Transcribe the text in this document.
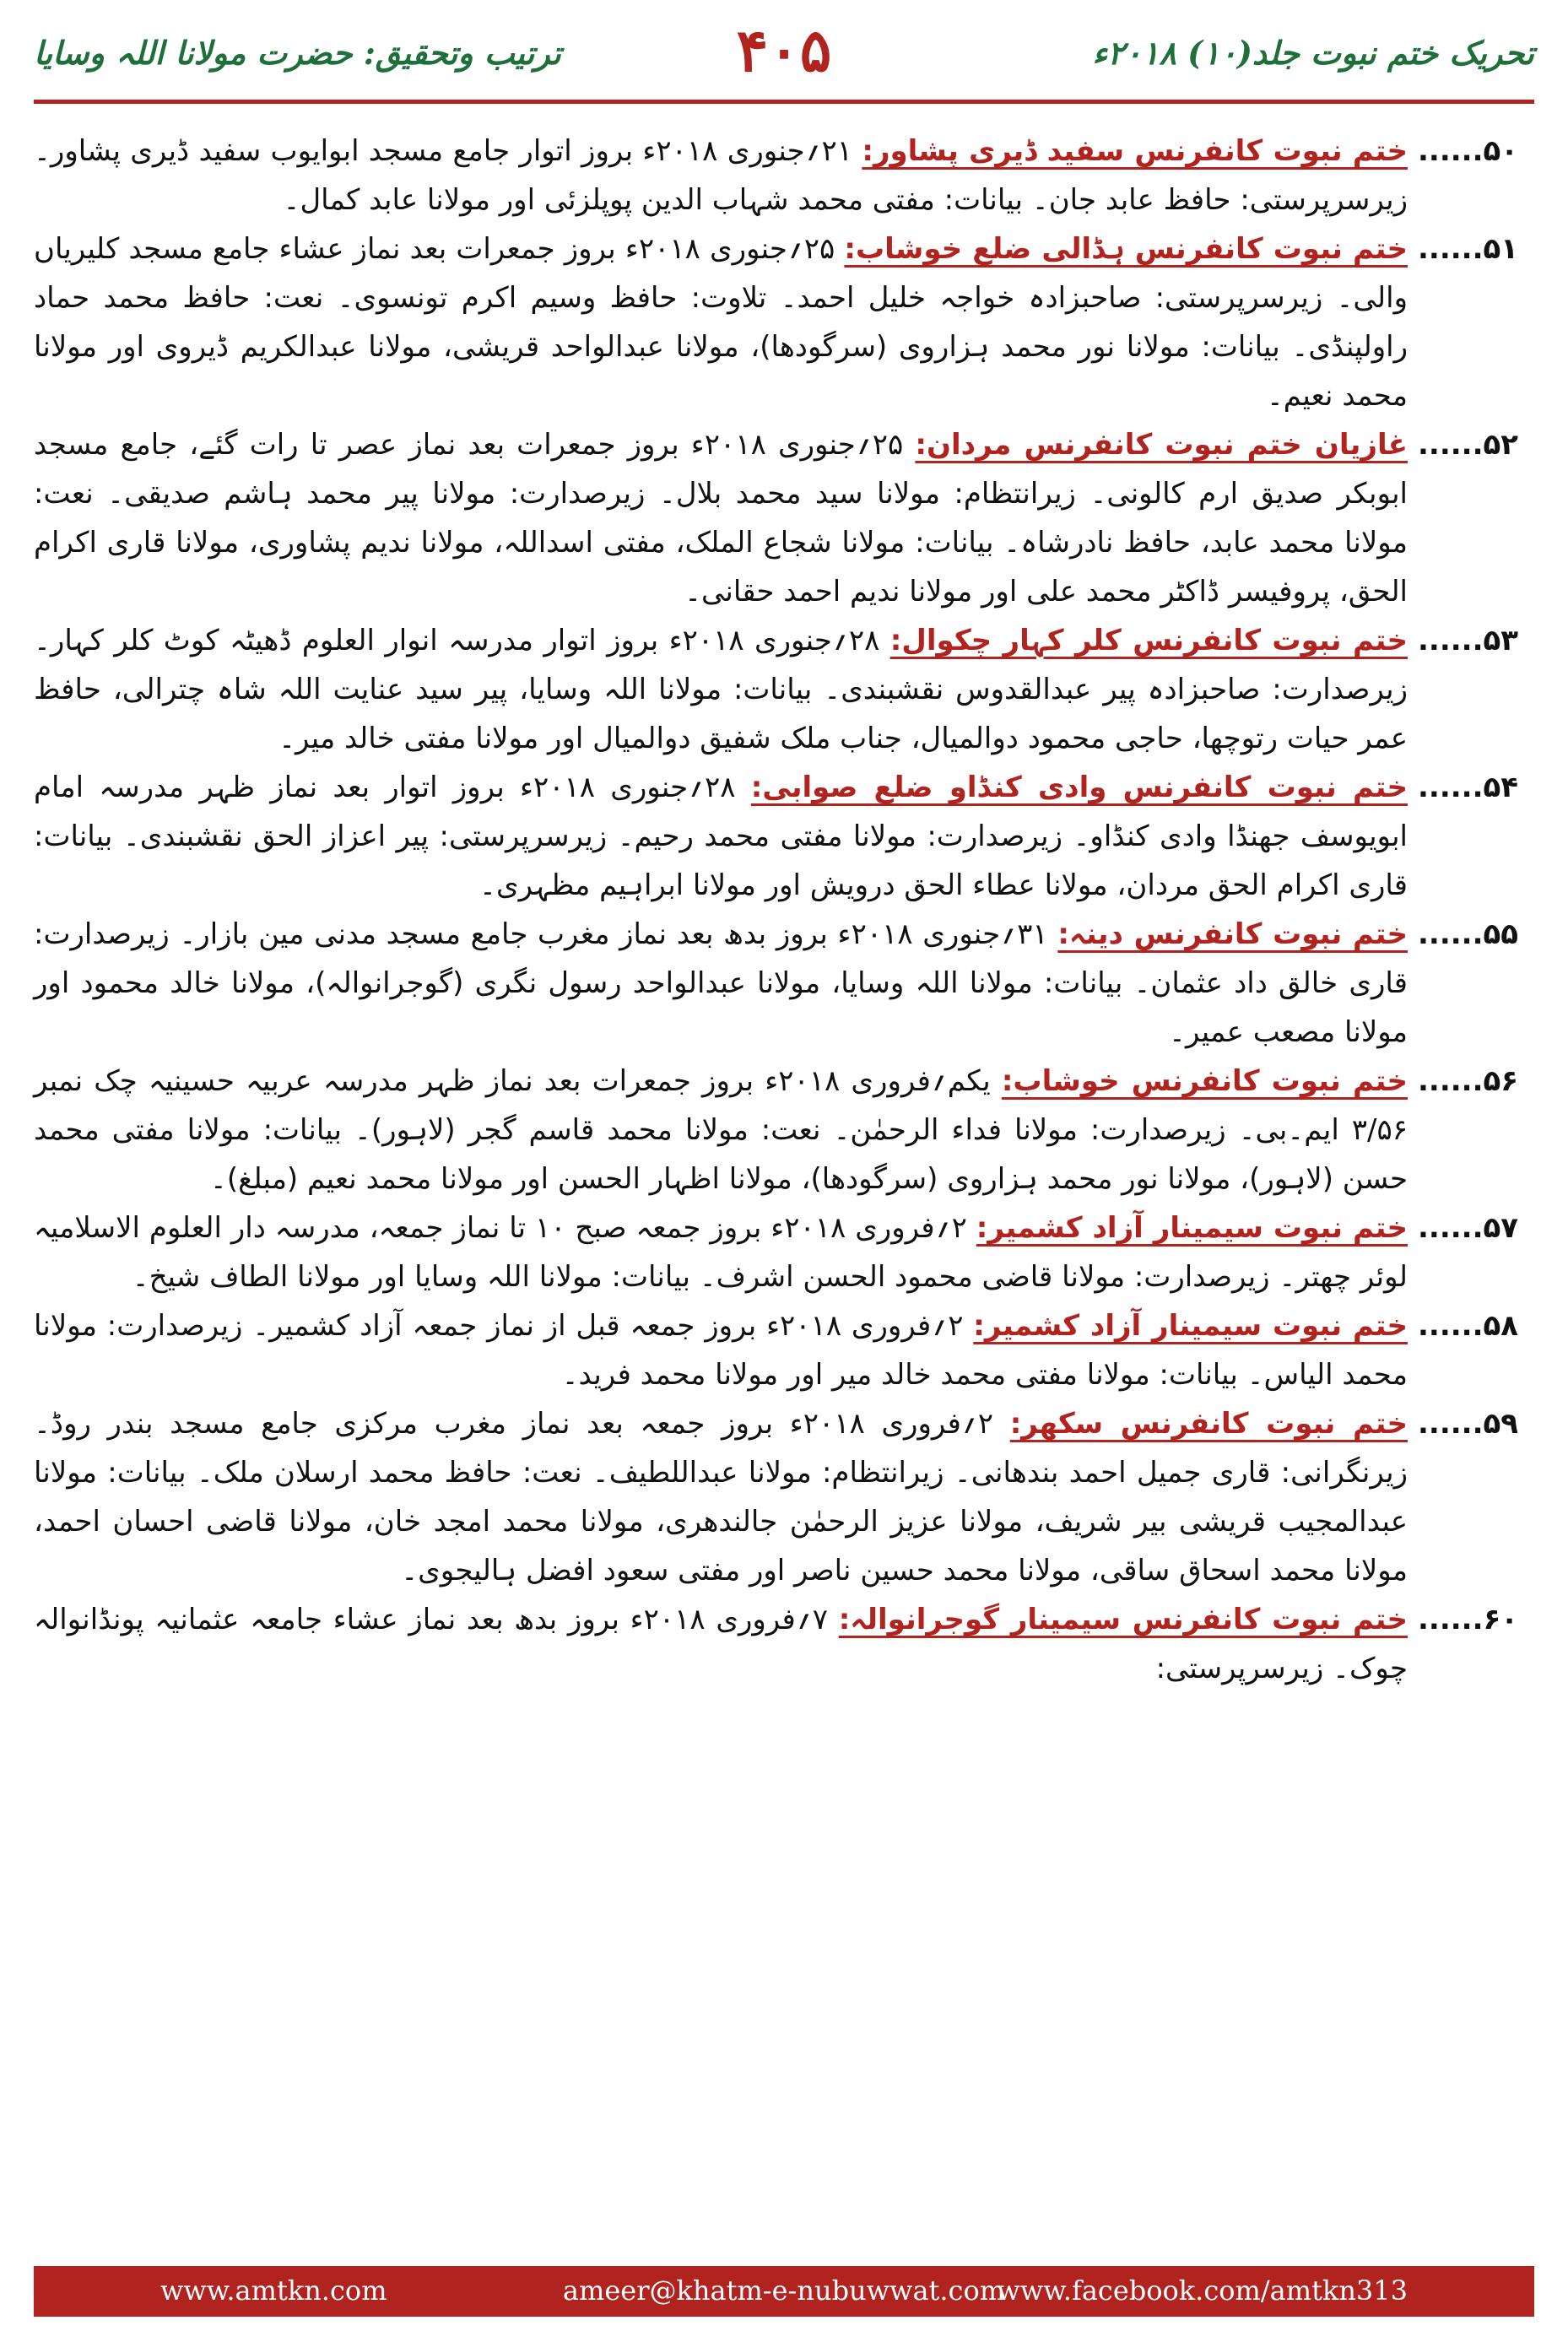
تحریک ختم نبوت جلد(۱۰) ۲۰۱۸ء
۴۰۵
ترتیب وتحقیق: حضرت مولانا اللہ وسایا
۵۰......
ختم نبوت کانفرنس سفید ڈیری پشاور: ۲۱؍جنوری ۲۰۱۸ء بروز اتوار جامع مسجد ابوایوب سفید ڈیری پشاور۔ زیرسرپرستی: حافظ عابد جان۔ بیانات: مفتی محمد شہاب الدین پوپلزئی اور مولانا عابد کمال۔
۵۱......
ختم نبوت کانفرنس ہڈالی ضلع خوشاب: ۲۵؍جنوری ۲۰۱۸ء بروز جمعرات بعد نماز عشاء جامع مسجد کلیریاں والی۔ زیرسرپرستی: صاحبزادہ خواجہ خلیل احمد۔ تلاوت: حافظ وسیم اکرم تونسوی۔ نعت: حافظ محمد حماد راولپنڈی۔ بیانات: مولانا نور محمد ہزاروی (سرگودھا)، مولانا عبدالواحد قریشی، مولانا عبدالکریم ڈیروی اور مولانا محمد نعیم۔
۵۲......
غازیان ختم نبوت کانفرنس مردان: ۲۵؍جنوری ۲۰۱۸ء بروز جمعرات بعد نماز عصر تا رات گئے، جامع مسجد ابوبکر صدیق ارم کالونی۔ زیرانتظام: مولانا سید محمد بلال۔ زیرصدارت: مولانا پیر محمد ہاشم صدیقی۔ نعت: مولانا محمد عابد، حافظ نادرشاہ۔ بیانات: مولانا شجاع الملک، مفتی اسداللہ، مولانا ندیم پشاوری، مولانا قاری اکرام الحق، پروفیسر ڈاکٹر محمد علی اور مولانا ندیم احمد حقانی۔
۵۳......
ختم نبوت کانفرنس کلر کہار چکوال: ۲۸؍جنوری ۲۰۱۸ء بروز اتوار مدرسہ انوار العلوم ڈھیٹہ کوٹ کلر کہار۔ زیرصدارت: صاحبزادہ پیر عبدالقدوس نقشبندی۔ بیانات: مولانا اللہ وسایا، پیر سید عنایت اللہ شاہ چترالی، حافظ عمر حیات رتوچھا، حاجی محمود دوالمیال، جناب ملک شفیق دوالمیال اور مولانا مفتی خالد میر۔
۵۴......
ختم نبوت کانفرنس وادی کنڈاو ضلع صوابی: ۲۸؍جنوری ۲۰۱۸ء بروز اتوار بعد نماز ظہر مدرسہ امام ابویوسف جھنڈا وادی کنڈاو۔ زیرصدارت: مولانا مفتی محمد رحیم۔ زیرسرپرستی: پیر اعزاز الحق نقشبندی۔ بیانات: قاری اکرام الحق مردان، مولانا عطاء الحق درویش اور مولانا ابراہیم مظہری۔
۵۵......
ختم نبوت کانفرنس دینہ: ۳۱؍جنوری ۲۰۱۸ء بروز بدھ بعد نماز مغرب جامع مسجد مدنی مین بازار۔ زیرصدارت: قاری خالق داد عثمان۔ بیانات: مولانا اللہ وسایا، مولانا عبدالواحد رسول نگری (گوجرانوالہ)، مولانا خالد محمود اور مولانا مصعب عمیر۔
۵۶......
ختم نبوت کانفرنس خوشاب: یکم؍فروری ۲۰۱۸ء بروز جمعرات بعد نماز ظہر مدرسہ عربیہ حسینیہ چک نمبر ۳/۵۶ ایم۔بی۔ زیرصدارت: مولانا فداء الرحمٰن۔ نعت: مولانا محمد قاسم گجر (لاہور)۔ بیانات: مولانا مفتی محمد حسن (لاہور)، مولانا نور محمد ہزاروی (سرگودھا)، مولانا اظہار الحسن اور مولانا محمد نعیم (مبلغ)۔
۵۷......
ختم نبوت سیمینار آزاد کشمیر: ۲؍فروری ۲۰۱۸ء بروز جمعہ صبح ۱۰ تا نماز جمعہ، مدرسہ دار العلوم الاسلامیہ لوئر چھتر۔ زیرصدارت: مولانا قاضی محمود الحسن اشرف۔ بیانات: مولانا اللہ وسایا اور مولانا الطاف شیخ۔
۵۸......
ختم نبوت سیمینار آزاد کشمیر: ۲؍فروری ۲۰۱۸ء بروز جمعہ قبل از نماز جمعہ آزاد کشمیر۔ زیرصدارت: مولانا محمد الیاس۔ بیانات: مولانا مفتی محمد خالد میر اور مولانا محمد فرید۔
۵۹......
ختم نبوت کانفرنس سکھر: ۲؍فروری ۲۰۱۸ء بروز جمعہ بعد نماز مغرب مرکزی جامع مسجد بندر روڈ۔ زیرنگرانی: قاری جمیل احمد بندھانی۔ زیرانتظام: مولانا عبداللطیف۔ نعت: حافظ محمد ارسلان ملک۔ بیانات: مولانا عبدالمجیب قریشی بیر شریف، مولانا عزیز الرحمٰن جالندھری، مولانا محمد امجد خان، مولانا قاضی احسان احمد، مولانا محمد اسحاق ساقی، مولانا محمد حسین ناصر اور مفتی سعود افضل ہالیجوی۔
۶۰......
ختم نبوت کانفرنس سیمینار گوجرانوالہ: ۷؍فروری ۲۰۱۸ء بروز بدھ بعد نماز عشاء جامعہ عثمانیہ پونڈانوالہ چوک۔ زیرسرپرستی:
www.amtkn.com	ameer@khatm-e-nubuwwat.com
www.facebook.com/amtkn313
